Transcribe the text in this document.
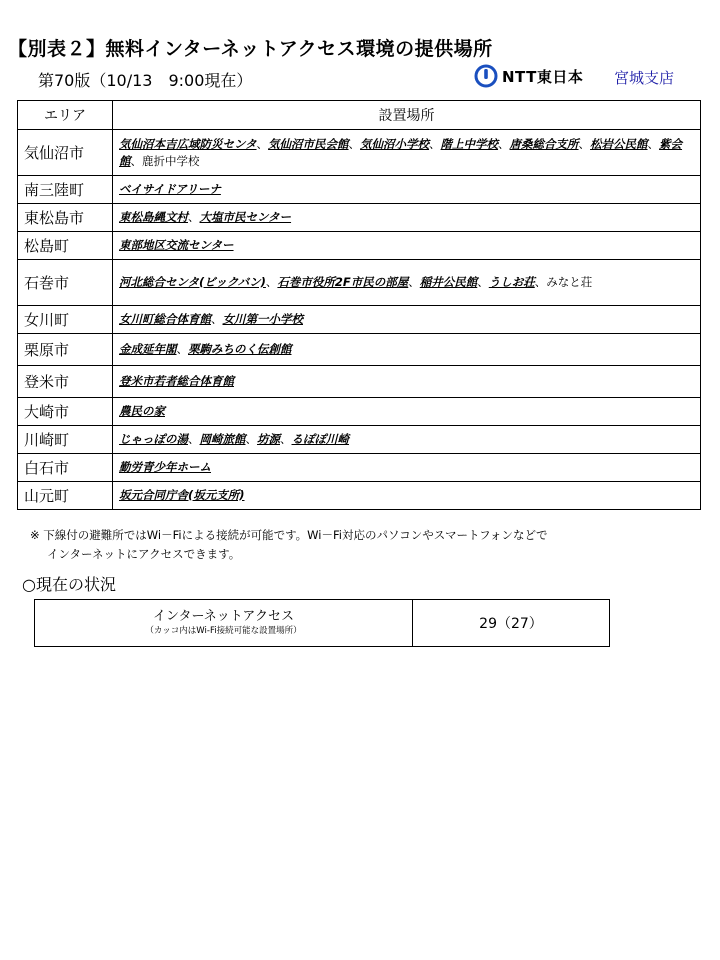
【別表２】無料インターネットアクセス環境の提供場所
第70版（10/13　9:00現在）	NTT東日本 宮城支店
エリア	設置場所
気仙沼市	気仙沼本吉広域防災センタ、気仙沼市民会館、気仙沼小学校、階上中学校、唐桑総合支所、松岩公民館、紫会館、鹿折中学校
南三陸町	ベイサイドアリーナ
東松島市	東松島縄文村、大塩市民センター
松島町	東部地区交流センター
石巻市	河北総合センタ(ビックバン)、石巻市役所2F市民の部屋、稲井公民館、うしお荘、みなと荘
女川町	女川町総合体育館、女川第一小学校
栗原市	金成延年閣、栗駒みちのく伝創館
登米市	登米市若者総合体育館
大崎市	農民の家
川崎町	じゃっぽの湯、岡崎旅館、坊源、るぽぽ川崎
白石市	勤労青少年ホーム
山元町	坂元合同庁舎(坂元支所)
※ 下線付の避難所ではWi－Fiによる接続が可能です。Wi－Fi対応のパソコンやスマートフォンなどで
インターネットにアクセスできます。
○現在の状況
インターネットアクセス
（カッコ内はWi-Fi接続可能な設置場所）	29（27）
